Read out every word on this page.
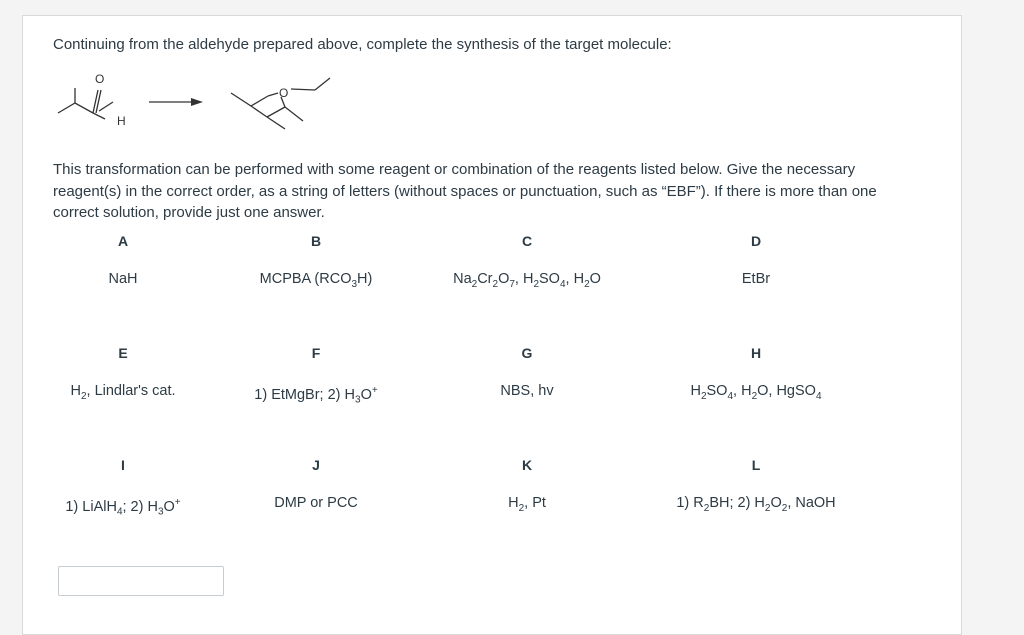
Continuing from the aldehyde prepared above, complete the synthesis of the target molecule:

O
H
O

This transformation can be performed with some reagent or combination of the reagents listed below. Give the necessary reagent(s) in the correct order, as a string of letters (without spaces or punctuation, such as “EBF”). If there is more than one correct solution, provide just one answer.

A
NaH
B
MCPBA $(RCO_3H)$
C
$Na_2Cr_2O_7$, $H_2SO_4$, $H_2O$
D
EtBr
E
$H_2$, Lindlar's cat.
F
1) EtMgBr; 2) $H_3O^+$
G
NBS, hv
H
$H_2SO_4$, $H_2O$, HgSO$_4$
I
1) LiAlH$_4$; 2) $H_3O^+$
J
DMP or PCC
K
$H_2$, Pt
L
1) $R_2BH$; 2) $H_2O_2$, NaOH
